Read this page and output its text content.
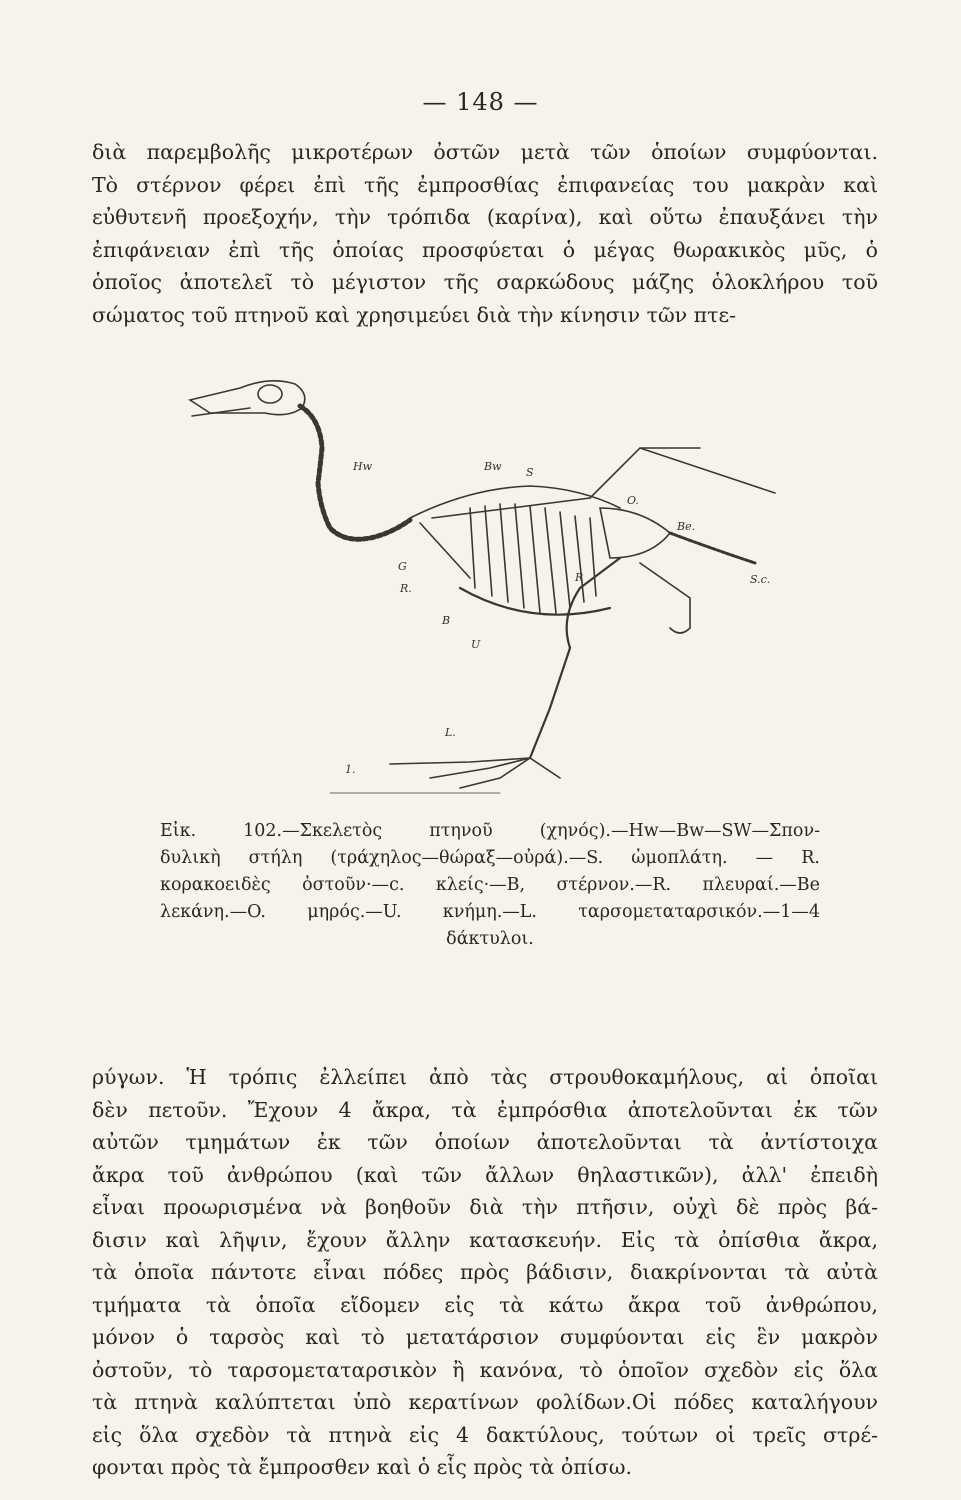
— 148 —
διὰ παρεμβολῆς μικροτέρων ὀστῶν μετὰ τῶν ὁποίων συμφύονται.
Τὸ στέρνον φέρει ἐπὶ τῆς ἐμπροσθίας ἐπιφανείας του μακρὰν καὶ
εὐθυτενῆ προεξοχήν, τὴν τρόπιδα (καρίνα), καὶ οὕτω ἐπαυξάνει τὴν
ἐπιφάνειαν ἐπὶ τῆς ὁποίας προσφύεται ὁ μέγας θωρακικὸς μῦς, ὁ
ὁποῖος ἀποτελεῖ τὸ μέγιστον τῆς σαρκώδους μάζης ὁλοκλήρου τοῦ
σώματος τοῦ πτηνοῦ καὶ χρησιμεύει διὰ τὴν κίνησιν τῶν πτε-
Hw	Bw S
O.
Be.
S.c.
G
R.
R
B
U
L.
1.
Εἰκ. 102.—Σκελετὸς πτηνοῦ (χηνός).—Hw—Bw—SW—Σπον-
δυλικὴ στήλη (τράχηλος—θώραξ—οὐρά).—S. ὠμοπλάτη. — R.
κορακοειδὲς ὀστοῦν·—c. κλείς·—B, στέρνον.—R. πλευραί.—Be
λεκάνη.—O. μηρός.—U. κνήμη.—L. ταρσομεταταρσικόν.—1—4
δάκτυλοι.
ρύγων. Ἡ τρόπις ἐλλείπει ἀπὸ τὰς στρουθοκαμήλους, αἱ ὁποῖαι
δὲν πετοῦν. Ἔχουν 4 ἄκρα, τὰ ἐμπρόσθια ἀποτελοῦνται ἐκ τῶν
αὐτῶν τμημάτων ἐκ τῶν ὁποίων ἀποτελοῦνται τὰ ἀντίστοιχα
ἄκρα τοῦ ἀνθρώπου (καὶ τῶν ἄλλων θηλαστικῶν), ἀλλ' ἐπειδὴ
εἶναι προωρισμένα νὰ βοηθοῦν διὰ τὴν πτῆσιν, οὐχὶ δὲ πρὸς βά-
δισιν καὶ λῆψιν, ἔχουν ἄλλην κατασκευήν. Εἰς τὰ ὀπίσθια ἄκρα,
τὰ ὁποῖα πάντοτε εἶναι πόδες πρὸς βάδισιν, διακρίνονται τὰ αὐτὰ
τμήματα τὰ ὁποῖα εἴδομεν εἰς τὰ κάτω ἄκρα τοῦ ἀνθρώπου,
μόνον ὁ ταρσὸς καὶ τὸ μετατάρσιον συμφύονται εἰς ἓν μακρὸν
ὀστοῦν, τὸ ταρσομεταταρσικὸν ἢ κανόνα, τὸ ὁποῖον σχεδὸν εἰς ὅλα
τὰ πτηνὰ καλύπτεται ὑπὸ κερατίνων φολίδων.Οἱ πόδες καταλήγουν
εἰς ὅλα σχεδὸν τὰ πτηνὰ εἰς 4 δακτύλους, τούτων οἱ τρεῖς στρέ-
φονται πρὸς τὰ ἔμπροσθεν καὶ ὁ εἷς πρὸς τὰ ὀπίσω.
